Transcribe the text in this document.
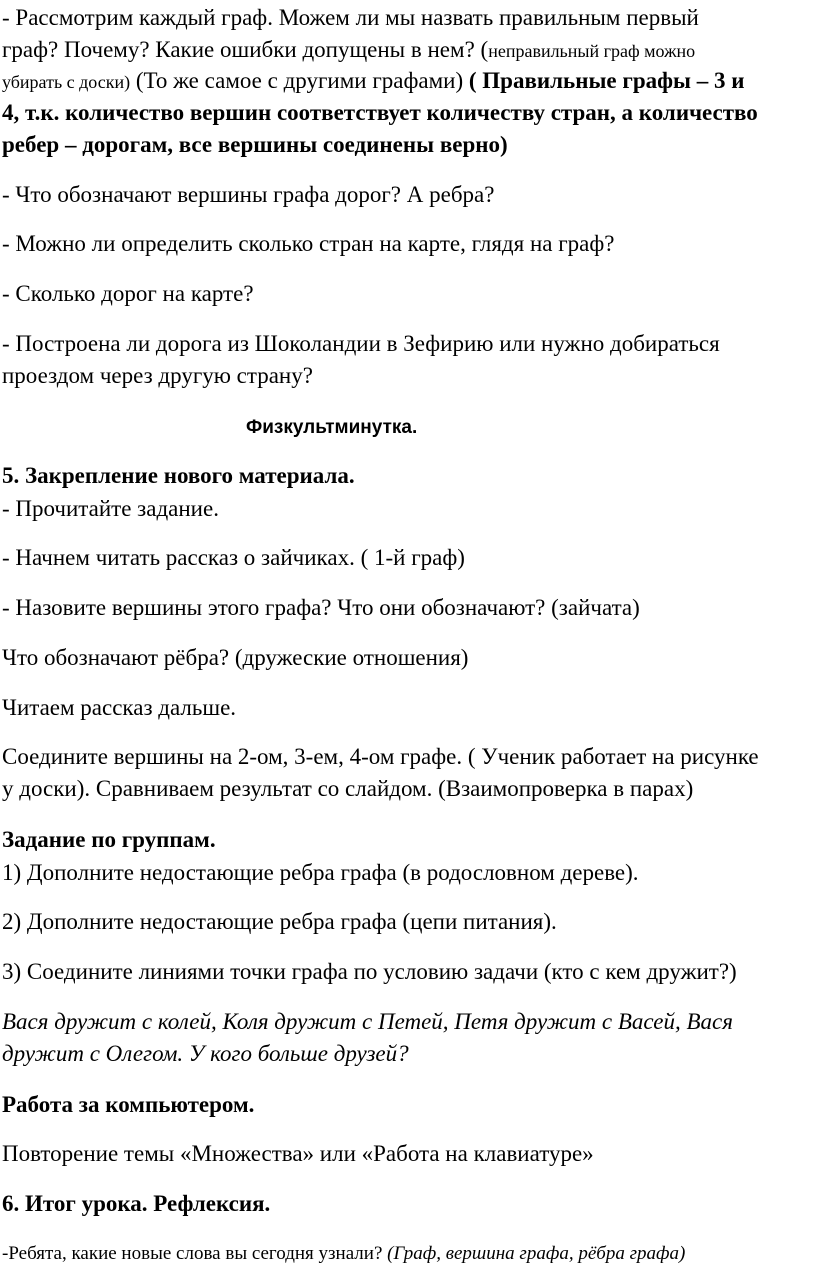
- Рассмотрим каждый граф. Можем ли мы назвать правильным первый
граф? Почему? Какие ошибки допущены в нем? (неправильный граф можно
убирать с доски) (То же самое с другими графами) ( Правильные графы – 3 и
4, т.к. количество вершин соответствует количеству стран, а количество
ребер – дорогам, все вершины соединены верно)
- Что обозначают вершины графа дорог? А ребра?
- Можно ли определить сколько стран на карте, глядя на граф?
- Сколько дорог на карте?
- Построена ли дорога из Шоколандии в Зефирию или нужно добираться
проездом через другую страну?
Физкультминутка.
5. Закрепление нового материала.
- Прочитайте задание.
- Начнем читать рассказ о зайчиках. ( 1-й граф)
- Назовите вершины этого графа? Что они обозначают? (зайчата)
Что обозначают рёбра? (дружеские отношения)
Читаем рассказ дальше.
Соедините вершины на 2-ом, 3-ем, 4-ом графе. ( Ученик работает на рисунке
у доски). Сравниваем результат со слайдом. (Взаимопроверка в парах)
Задание по группам.
1) Дополните недостающие ребра графа (в родословном дереве).
2) Дополните недостающие ребра графа (цепи питания).
3) Соедините линиями точки графа по условию задачи (кто с кем дружит?)
Вася дружит с колей, Коля дружит с Петей, Петя дружит с Васей, Вася
дружит с Олегом. У кого больше друзей?
Работа за компьютером.
Повторение темы «Множества» или «Работа на клавиатуре»
6. Итог урока. Рефлексия.
-Ребята, какие новые слова вы сегодня узнали? (Граф, вершина графа, рёбра графа)
